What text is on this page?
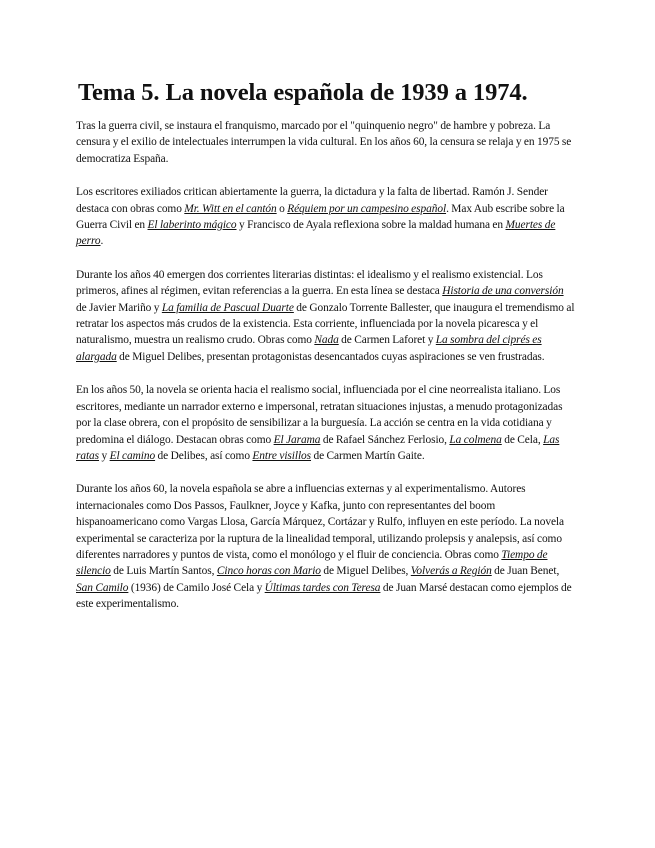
Tema 5. La novela española de 1939 a 1974.

Tras la guerra civil, se instaura el franquismo, marcado por el "quinquenio negro" de hambre y pobreza. La censura y el exilio de intelectuales interrumpen la vida cultural. En los años 60, la censura se relaja y en 1975 se democratiza España.

Los escritores exiliados critican abiertamente la guerra, la dictadura y la falta de libertad. Ramón J. Sender destaca con obras como Mr. Witt en el cantón o Réquiem por un campesino español. Max Aub escribe sobre la Guerra Civil en El laberinto mágico y Francisco de Ayala reflexiona sobre la maldad humana en Muertes de perro.

Durante los años 40 emergen dos corrientes literarias distintas: el idealismo y el realismo existencial. Los primeros, afines al régimen, evitan referencias a la guerra. En esta línea se destaca Historia de una conversión de Javier Mariño y La familia de Pascual Duarte de Gonzalo Torrente Ballester, que inaugura el tremendismo al retratar los aspectos más crudos de la existencia. Esta corriente, influenciada por la novela picaresca y el naturalismo, muestra un realismo crudo. Obras como Nada de Carmen Laforet y La sombra del ciprés es alargada de Miguel Delibes, presentan protagonistas desencantados cuyas aspiraciones se ven frustradas.

En los años 50, la novela se orienta hacia el realismo social, influenciada por el cine neorrealista italiano. Los escritores, mediante un narrador externo e impersonal, retratan situaciones injustas, a menudo protagonizadas por la clase obrera, con el propósito de sensibilizar a la burguesía. La acción se centra en la vida cotidiana y predomina el diálogo. Destacan obras como El Jarama de Rafael Sánchez Ferlosio, La colmena de Cela, Las ratas y El camino de Delibes, así como Entre visillos de Carmen Martín Gaite.

Durante los años 60, la novela española se abre a influencias externas y al experimentalismo. Autores internacionales como Dos Passos, Faulkner, Joyce y Kafka, junto con representantes del boom hispanoamericano como Vargas Llosa, García Márquez, Cortázar y Rulfo, influyen en este período. La novela experimental se caracteriza por la ruptura de la linealidad temporal, utilizando prolepsis y analepsis, así como diferentes narradores y puntos de vista, como el monólogo y el fluir de conciencia. Obras como Tiempo de silencio de Luis Martín Santos, Cinco horas con Mario de Miguel Delibes, Volverás a Región de Juan Benet, San Camilo (1936) de Camilo José Cela y Últimas tardes con Teresa de Juan Marsé destacan como ejemplos de este experimentalismo.
